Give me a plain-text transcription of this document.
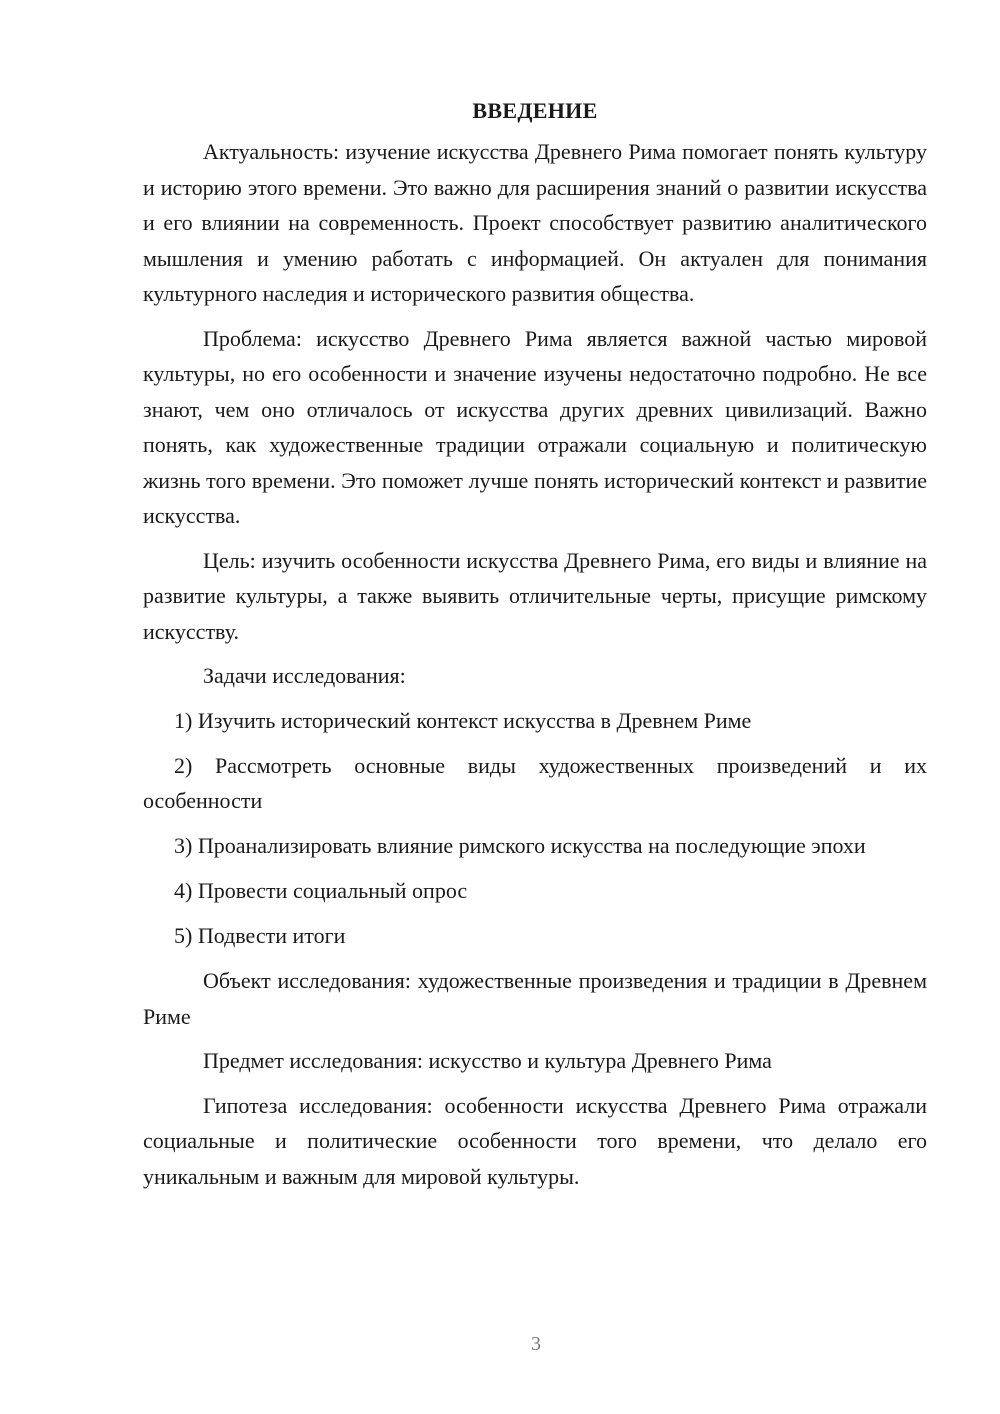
ВВЕДЕНИЕ

Актуальность: изучение искусства Древнего Рима помогает понять культуру и историю этого времени. Это важно для расширения знаний о развитии искусства и его влиянии на современность. Проект способствует развитию аналитического мышления и умению работать с информацией. Он актуален для понимания культурного наследия и исторического развития общества.

Проблема: искусство Древнего Рима является важной частью мировой культуры, но его особенности и значение изучены недостаточно подробно. Не все знают, чем оно отличалось от искусства других древних цивилизаций. Важно понять, как художественные традиции отражали социальную и политическую жизнь того времени. Это поможет лучше понять исторический контекст и развитие искусства.

Цель: изучить особенности искусства Древнего Рима, его виды и влияние на развитие культуры, а также выявить отличительные черты, присущие римскому искусству.

Задачи исследования:

1) Изучить исторический контекст искусства в Древнем Риме

2) Рассмотреть основные виды художественных произведений и их особенности

3) Проанализировать влияние римского искусства на последующие эпохи

4) Провести социальный опрос

5) Подвести итоги

Объект исследования: художественные произведения и традиции в Древнем Риме

Предмет исследования: искусство и культура Древнего Рима

Гипотеза исследования: особенности искусства Древнего Рима отражали социальные и политические особенности того времени, что делало его уникальным и важным для мировой культуры.

3
